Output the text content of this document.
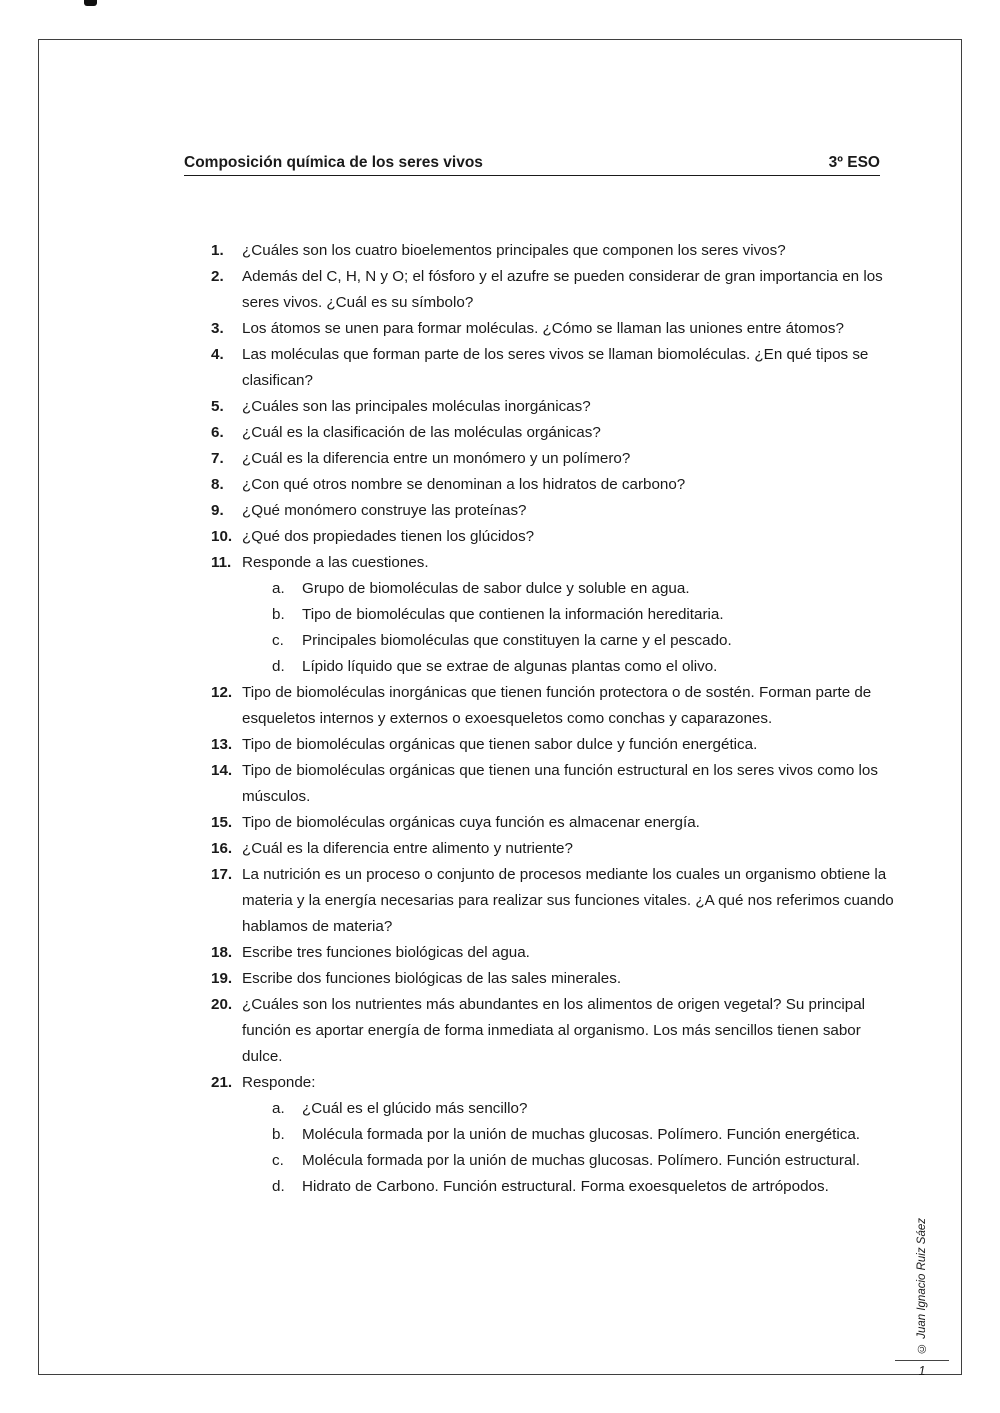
Composición química de los seres vivos	3º ESO
1.	¿Cuáles son los cuatro bioelementos principales que componen los seres vivos?
2.	Además del C, H, N y O; el fósforo y el azufre se pueden considerar de gran importancia en los seres vivos. ¿Cuál es su símbolo?
3.	Los átomos se unen para formar moléculas. ¿Cómo se llaman las uniones entre átomos?
4.	Las moléculas que forman parte de los seres vivos se llaman biomoléculas. ¿En qué tipos se clasifican?
5.	¿Cuáles son las principales moléculas inorgánicas?
6.	¿Cuál es la clasificación de las moléculas orgánicas?
7.	¿Cuál es la diferencia entre un monómero y un polímero?
8.	¿Con qué otros nombre se denominan a los hidratos de carbono?
9.	¿Qué monómero construye las proteínas?
10. ¿Qué dos propiedades tienen los glúcidos?
11. Responde a las cuestiones.
a.	Grupo de biomoléculas de sabor dulce y soluble en agua.
b.	Tipo de biomoléculas que contienen la información hereditaria.
c.	Principales biomoléculas que constituyen la carne y el pescado.
d.	Lípido líquido que se extrae de algunas plantas como el olivo.
12. Tipo de biomoléculas inorgánicas que tienen función protectora o de sostén. Forman parte de esqueletos internos y externos o exoesqueletos como conchas y caparazones.
13. Tipo de biomoléculas orgánicas que tienen sabor dulce y función energética.
14. Tipo de biomoléculas orgánicas que tienen una función estructural en los seres vivos como los músculos.
15. Tipo de biomoléculas orgánicas cuya función es almacenar energía.
16. ¿Cuál es la diferencia entre alimento y nutriente?
17. La nutrición es un proceso o conjunto de procesos mediante los cuales un organismo obtiene la materia y la energía necesarias para realizar sus funciones vitales. ¿A qué nos referimos cuando hablamos de materia?
18. Escribe tres funciones biológicas del agua.
19. Escribe dos funciones biológicas de las sales minerales.
20. ¿Cuáles son los nutrientes más abundantes en los alimentos de origen vegetal? Su principal función es aportar energía de forma inmediata al organismo. Los más sencillos tienen sabor dulce.
21. Responde:
a.	¿Cuál es el glúcido más sencillo?
b.	Molécula formada por la unión de muchas glucosas. Polímero. Función energética.
c.	Molécula formada por la unión de muchas glucosas. Polímero. Función estructural.
d.	Hidrato de Carbono. Función estructural. Forma exoesqueletos de artrópodos.
© Juan Ignacio Ruiz Sáez
1
